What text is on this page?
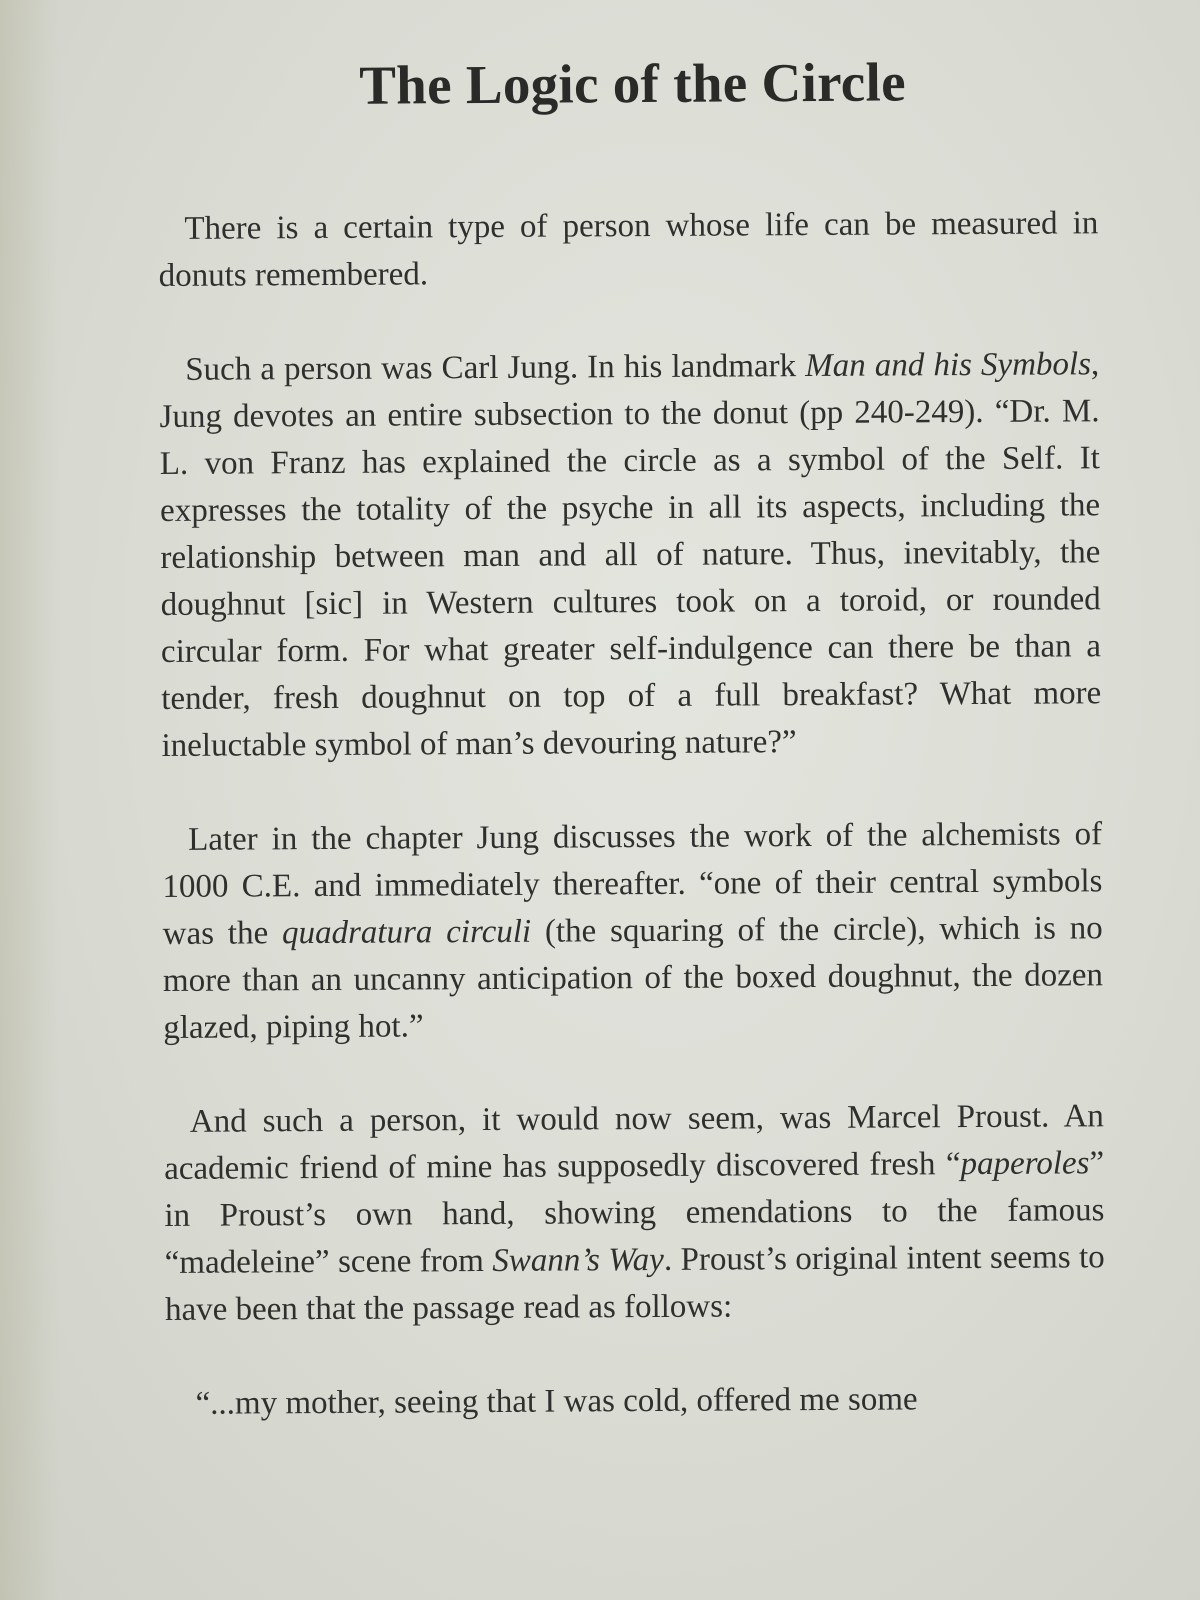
The Logic of the Circle

There is a certain type of person whose life can be measured in donuts remembered.

Such a person was Carl Jung. In his landmark Man and his Symbols, Jung devotes an entire subsection to the donut (pp 240-249). “Dr. M. L. von Franz has explained the circle as a symbol of the Self. It expresses the totality of the psyche in all its aspects, including the relationship between man and all of nature. Thus, inevitably, the doughnut [sic] in Western cultures took on a toroid, or rounded circular form. For what greater self-indulgence can there be than a tender, fresh doughnut on top of a full breakfast? What more ineluctable symbol of man’s devouring nature?”

Later in the chapter Jung discusses the work of the alchemists of 1000 C.E. and immediately thereafter. “one of their central symbols was the quadratura circuli (the squaring of the circle), which is no more than an uncanny anticipation of the boxed doughnut, the dozen glazed, piping hot.”

And such a person, it would now seem, was Marcel Proust. An academic friend of mine has supposedly discovered fresh “paperoles” in Proust’s own hand, showing emendations to the famous “madeleine” scene from Swann’s Way. Proust’s original intent seems to have been that the passage read as follows:

“...my mother, seeing that I was cold, offered me some
